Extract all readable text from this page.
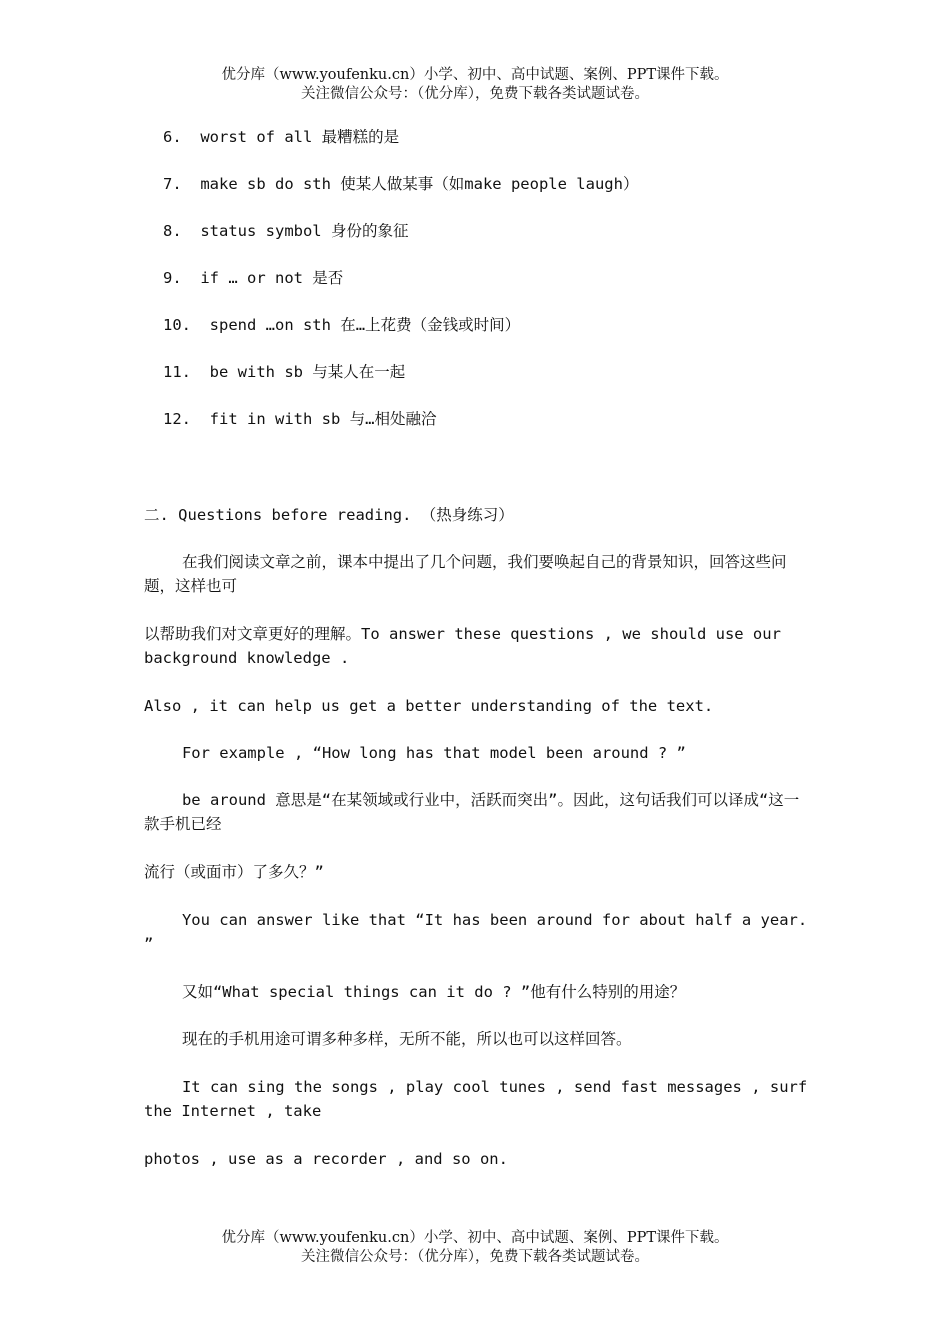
优分库（www.youfenku.cn）小学、初中、高中试题、案例、PPT课件下载。
关注微信公众号：（优分库），免费下载各类试题试卷。
6.  worst of all 最糟糕的是
7.  make sb do sth 使某人做某事（如make people laugh）
8.  status symbol 身份的象征
9.  if … or not 是否
10.  spend …on sth 在…上花费（金钱或时间）
11.  be with sb 与某人在一起
12.  fit in with sb 与…相处融洽

二. Questions before reading. （热身练习）

在我们阅读文章之前，课本中提出了几个问题，我们要唤起自己的背景知识，回答这些问题，这样也可

以帮助我们对文章更好的理解。To answer these questions , we should use our background knowledge .

Also , it can help us get a better understanding of the text.

For example , “How long has that model been around ? ”

be around 意思是“在某领域或行业中，活跃而突出”。因此，这句话我们可以译成“这一款手机已经

流行（或面市）了多久？”

You can answer like that “It has been around for about half a year. ”

又如“What special things can it do ? ”他有什么特别的用途？

现在的手机用途可谓多种多样，无所不能，所以也可以这样回答。

It can sing the songs , play cool tunes , send fast messages , surf the Internet , take

photos , use as a recorder , and so on.

优分库（www.youfenku.cn）小学、初中、高中试题、案例、PPT课件下载。
关注微信公众号：（优分库），免费下载各类试题试卷。
